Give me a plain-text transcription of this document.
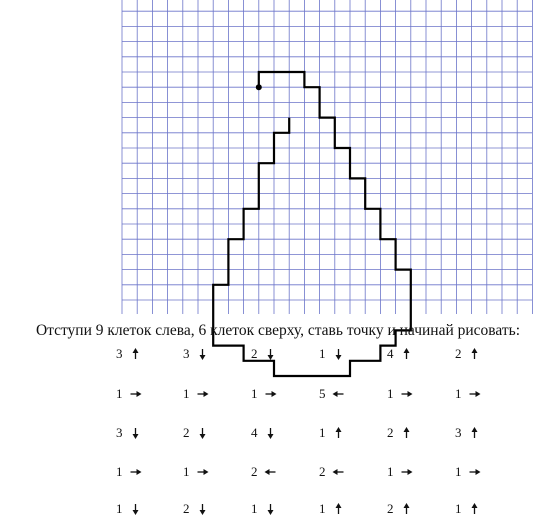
Отступи 9 клеток слева, 6 клеток сверху, ставь точку и начинай рисовать:
3	3	2	1	4	2
1	1	1	5	1	1
3	2	4	1	2	3
1	1	2	2	1	1
1	2	1	1	2	1
